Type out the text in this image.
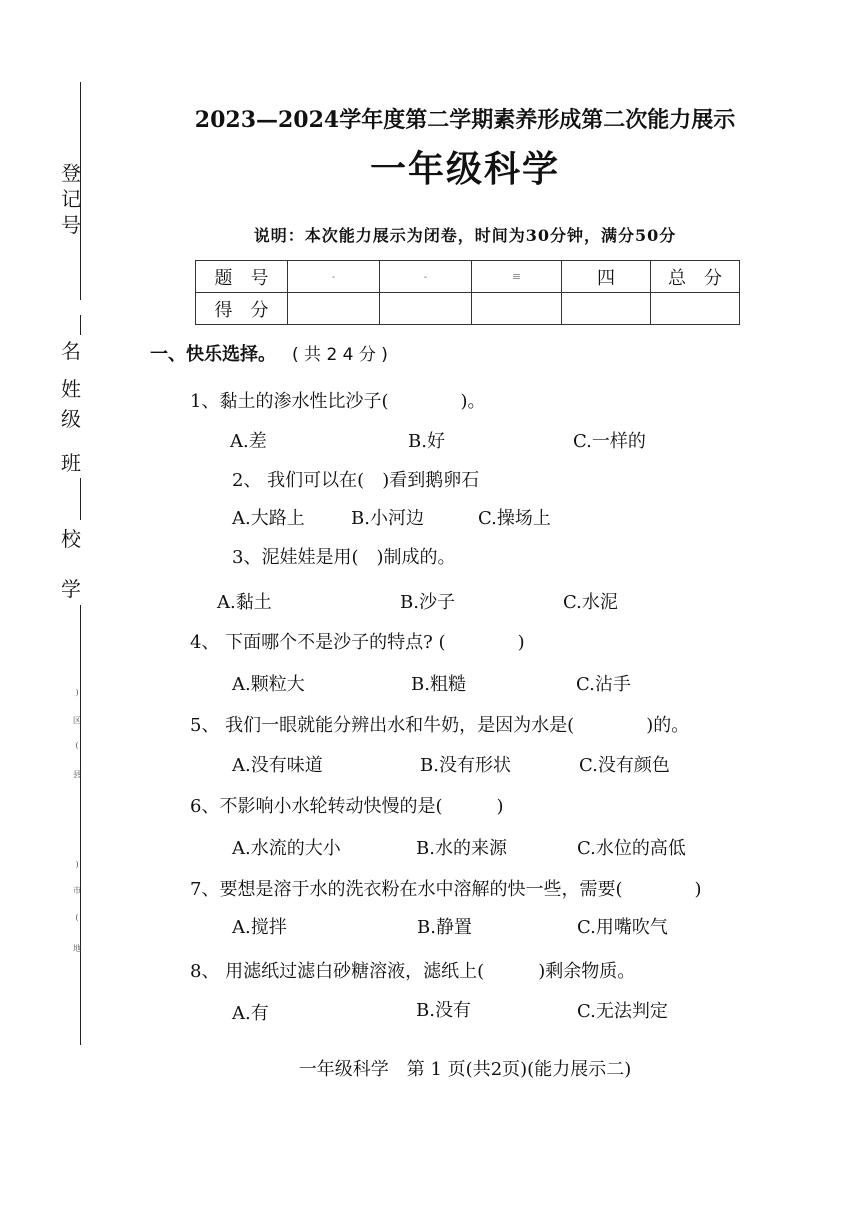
登记号
名
姓
级
班
校
学
)
区
(
县
)
市
(
地
2023—2024学年度第二学期素养形成第二次能力展示
一年级科学
说明：本次能力展示为闭卷，时间为30分钟，满分50分
题　号	-	-	≡	四	总　分
得　分					
一、快乐选择。 ( 共 2 4 分 )
1、黏土的渗水性比沙子(　　　　)。
A.差	B.好	C.一样的
2、 我们可以在(　)看到鹅卵石
A.大路上	B.小河边	C.操场上
3、泥娃娃是用(　)制成的。
A.黏土	B.沙子	C.水泥
4、 下面哪个不是沙子的特点? (　　　　)
A.颗粒大	B.粗糙	C.沾手
5、 我们一眼就能分辨出水和牛奶，是因为水是(　　　　)的。
A.没有味道	B.没有形状	C.没有颜色
6、不影响小水轮转动快慢的是(　　　)
A.水流的大小	B.水的来源	C.水位的高低
7、要想是溶于水的洗衣粉在水中溶解的快一些，需要(　　　　)
A.搅拌	B.静置	C.用嘴吹气
8、 用滤纸过滤白砂糖溶液，滤纸上(　　　)剩余物质。
A.有	B.没有	C.无法判定
一年级科学　第 1 页(共2页)(能力展示二)
